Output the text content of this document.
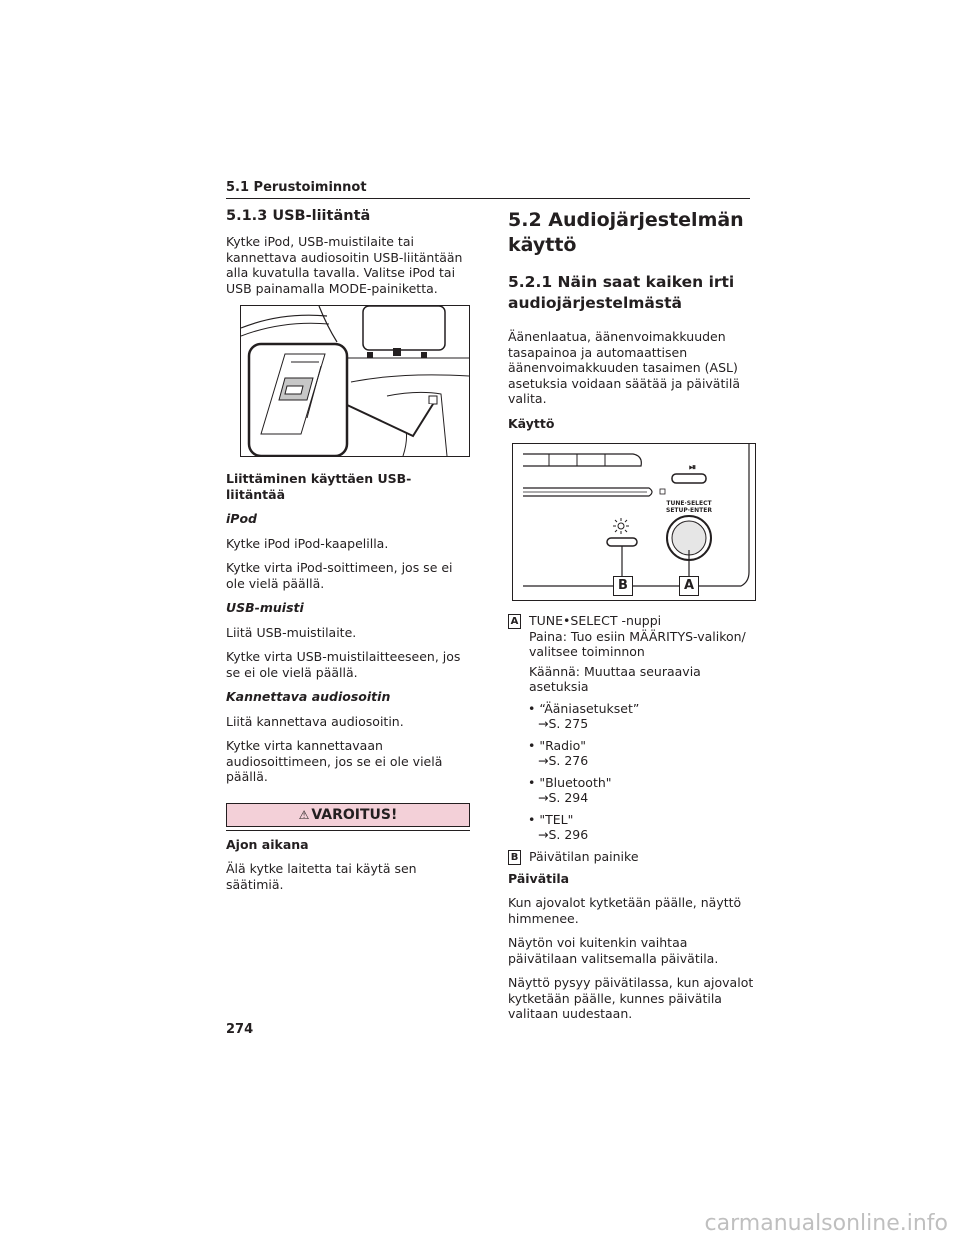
5.1 Perustoiminnot
5.1.3 USB-liitäntä

Kytke iPod, USB-muistilaite tai kannettava audiosoitin USB-liitäntään alla kuvatulla tavalla. Valitse iPod tai USB painamalla MODE-painiketta.

Liittäminen käyttäen USB-liitäntää

iPod

Kytke iPod iPod-kaapelilla.

Kytke virta iPod-soittimeen, jos se ei ole vielä päällä.

USB-muisti

Liitä USB-muistilaite.

Kytke virta USB-muistilaitteeseen, jos se ei ole vielä päällä.

Kannettava audiosoitin

Liitä kannettava audiosoitin.

Kytke virta kannettavaan audiosoittimeen, jos se ei ole vielä päällä.

⚠ VAROITUS!

Ajon aikana

Älä kytke laitetta tai käytä sen säätimiä.

5.2 Audiojärjestelmän käyttö
5.2.1 Näin saat kaiken irti audiojärjestelmästä

Äänenlaatua, äänenvoimakkuuden tasapainoa ja automaattisen äänenvoimakkuuden tasaimen (ASL) asetuksia voidaan säätää ja päivätilä valita.

Käyttö

⏯
TUNE·SELECT
SETUP·ENTER
B	A
A TUNE•SELECT -nuppi
Paina: Tuo esiin MÄÄRITYS-valikon/ valitsee toiminnon
Käännä: Muuttaa seuraavia asetuksia
• “Ääniasetukset”
→S. 275
• "Radio"
→S. 276
• "Bluetooth"
→S. 294
• "TEL"
→S. 296
B Päivätilan painike

Päivätila

Kun ajovalot kytketään päälle, näyttö himmenee.

Näytön voi kuitenkin vaihtaa päivätilaan valitsemalla päivätila.

Näyttö pysyy päivätilassa, kun ajovalot kytketään päälle, kunnes päivätila valitaan uudestaan.

274
carmanualsonline.info
